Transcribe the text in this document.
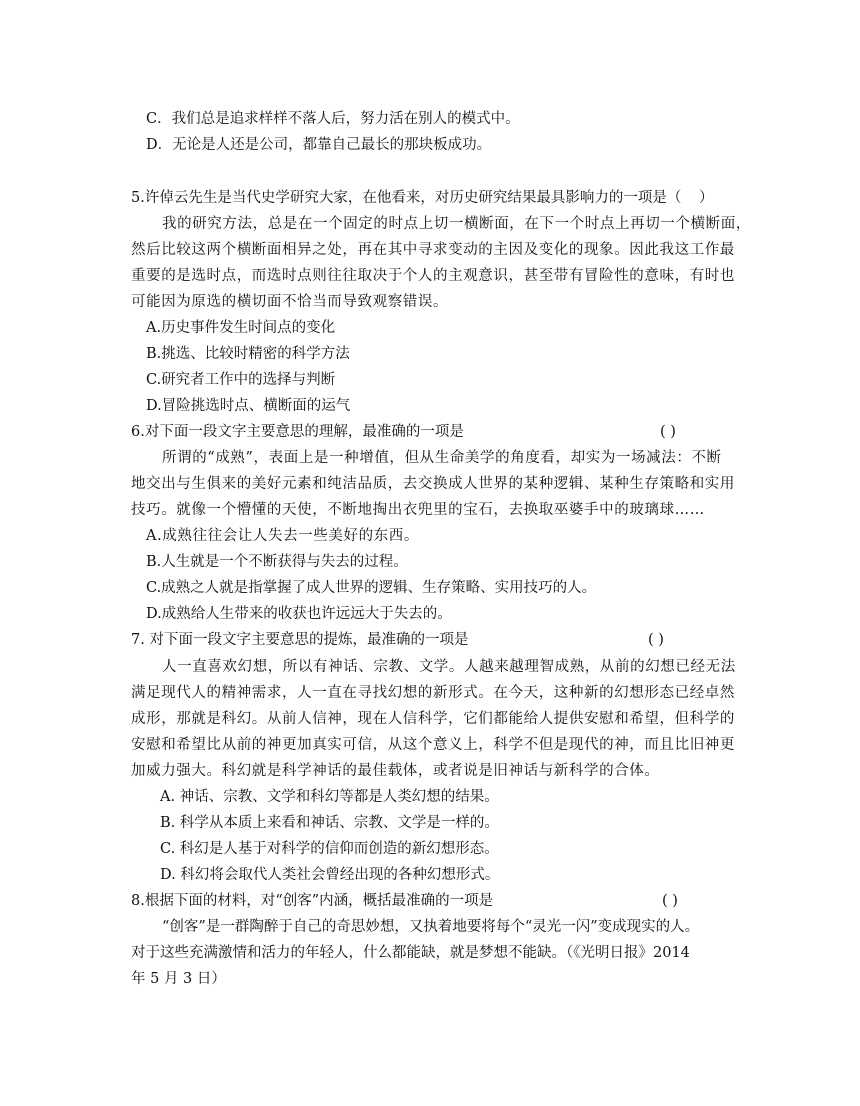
C．我们总是追求样样不落人后，努力活在别人的模式中。
D．无论是人还是公司，都靠自己最长的那块板成功。
5.许倬云先生是当代史学研究大家，在他看来，对历史研究结果最具影响力的一项是（ ）
我的研究方法，总是在一个固定的时点上切一横断面，在下一个时点上再切一个横断面，
然后比较这两个横断面相异之处，再在其中寻求变动的主因及变化的现象。因此我这工作最
重要的是选时点，而选时点则往往取决于个人的主观意识，甚至带有冒险性的意味，有时也
可能因为原选的横切面不恰当而导致观察错误。
A.历史事件发生时间点的变化
B.挑选、比较时精密的科学方法
C.研究者工作中的选择与判断
D.冒险挑选时点、横断面的运气
6.对下面一段文字主要意思的理解，最准确的一项是	( )
所谓的“成熟”，表面上是一种增值，但从生命美学的角度看，却实为一场减法：不断
地交出与生俱来的美好元素和纯洁品质，去交换成人世界的某种逻辑、某种生存策略和实用
技巧。就像一个懵懂的天使，不断地掏出衣兜里的宝石，去换取巫婆手中的玻璃球……
A.成熟往往会让人失去一些美好的东西。
B.人生就是一个不断获得与失去的过程。
C.成熟之人就是指掌握了成人世界的逻辑、生存策略、实用技巧的人。
D.成熟给人生带来的收获也许远远大于失去的。
7. 对下面一段文字主要意思的提炼，最准确的一项是	( )
人一直喜欢幻想，所以有神话、宗教、文学。人越来越理智成熟，从前的幻想已经无法
满足现代人的精神需求，人一直在寻找幻想的新形式。在今天，这种新的幻想形态已经卓然
成形，那就是科幻。从前人信神，现在人信科学，它们都能给人提供安慰和希望，但科学的
安慰和希望比从前的神更加真实可信，从这个意义上，科学不但是现代的神，而且比旧神更
加威力强大。科幻就是科学神话的最佳载体，或者说是旧神话与新科学的合体。
A. 神话、宗教、文学和科幻等都是人类幻想的结果。
B. 科学从本质上来看和神话、宗教、文学是一样的。
C. 科幻是人基于对科学的信仰而创造的新幻想形态。
D. 科幻将会取代人类社会曾经出现的各种幻想形式。
8.根据下面的材料，对“创客”内涵，概括最准确的一项是	( )
“创客”是一群陶醉于自己的奇思妙想，又执着地要将每个“灵光一闪”变成现实的人。
对于这些充满激情和活力的年轻人，什么都能缺，就是梦想不能缺。（《光明日报》2014
年 5 月 3 日）
